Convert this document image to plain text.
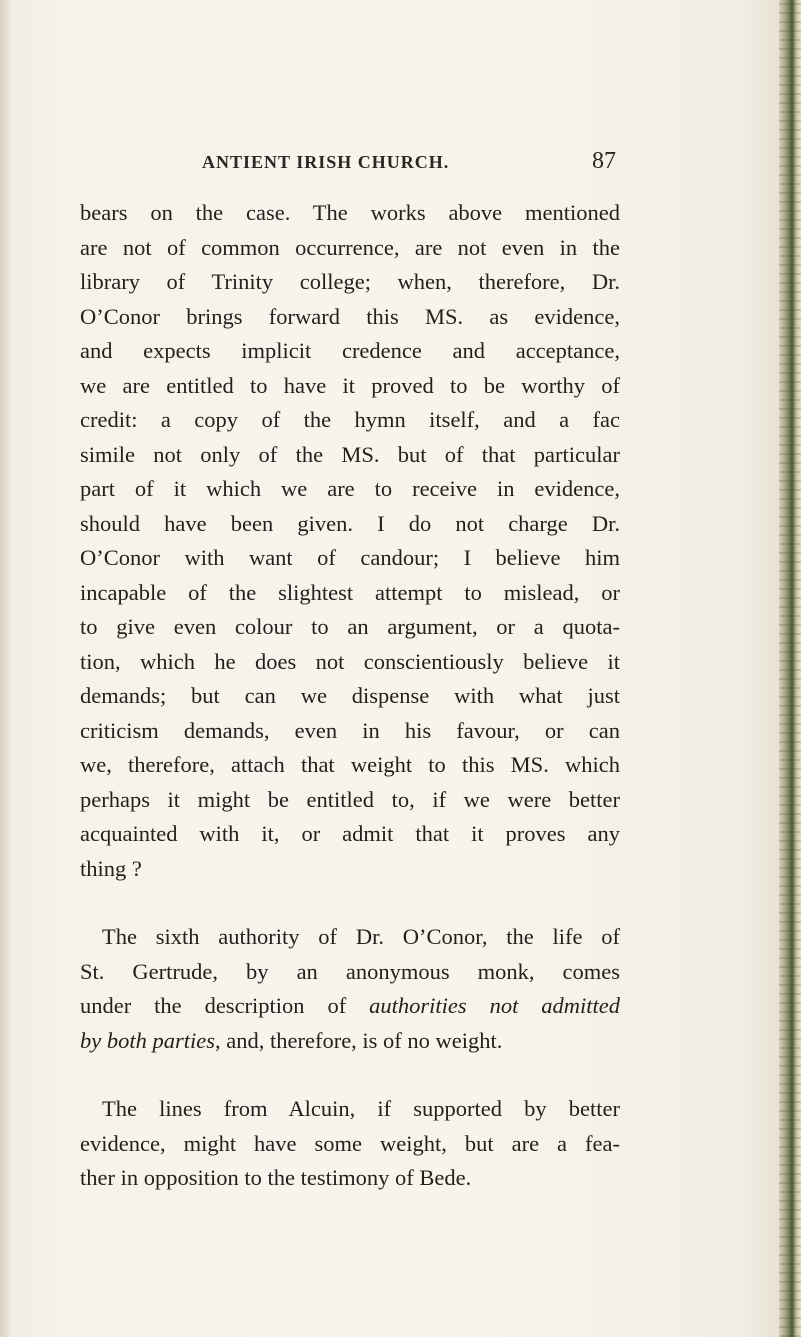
ANTIENT IRISH CHURCH.	87

bears on the case. The works above mentioned
are not of common occurrence, are not even in the
library of Trinity college; when, therefore, Dr.
O’Conor brings forward this MS. as evidence,
and expects implicit credence and acceptance,
we are entitled to have it proved to be worthy of
credit: a copy of the hymn itself, and a fac
simile not only of the MS. but of that particular
part of it which we are to receive in evidence,
should have been given. I do not charge Dr.
O’Conor with want of candour; I believe him
incapable of the slightest attempt to mislead, or
to give even colour to an argument, or a quota-
tion, which he does not conscientiously believe it
demands; but can we dispense with what just
criticism demands, even in his favour, or can
we, therefore, attach that weight to this MS. which
perhaps it might be entitled to, if we were better
acquainted with it, or admit that it proves any
thing ?

The sixth authority of Dr. O’Conor, the life of
St. Gertrude, by an anonymous monk, comes
under the description of authorities not admitted
by both parties, and, therefore, is of no weight.

The lines from Alcuin, if supported by better
evidence, might have some weight, but are a fea-
ther in opposition to the testimony of Bede.
